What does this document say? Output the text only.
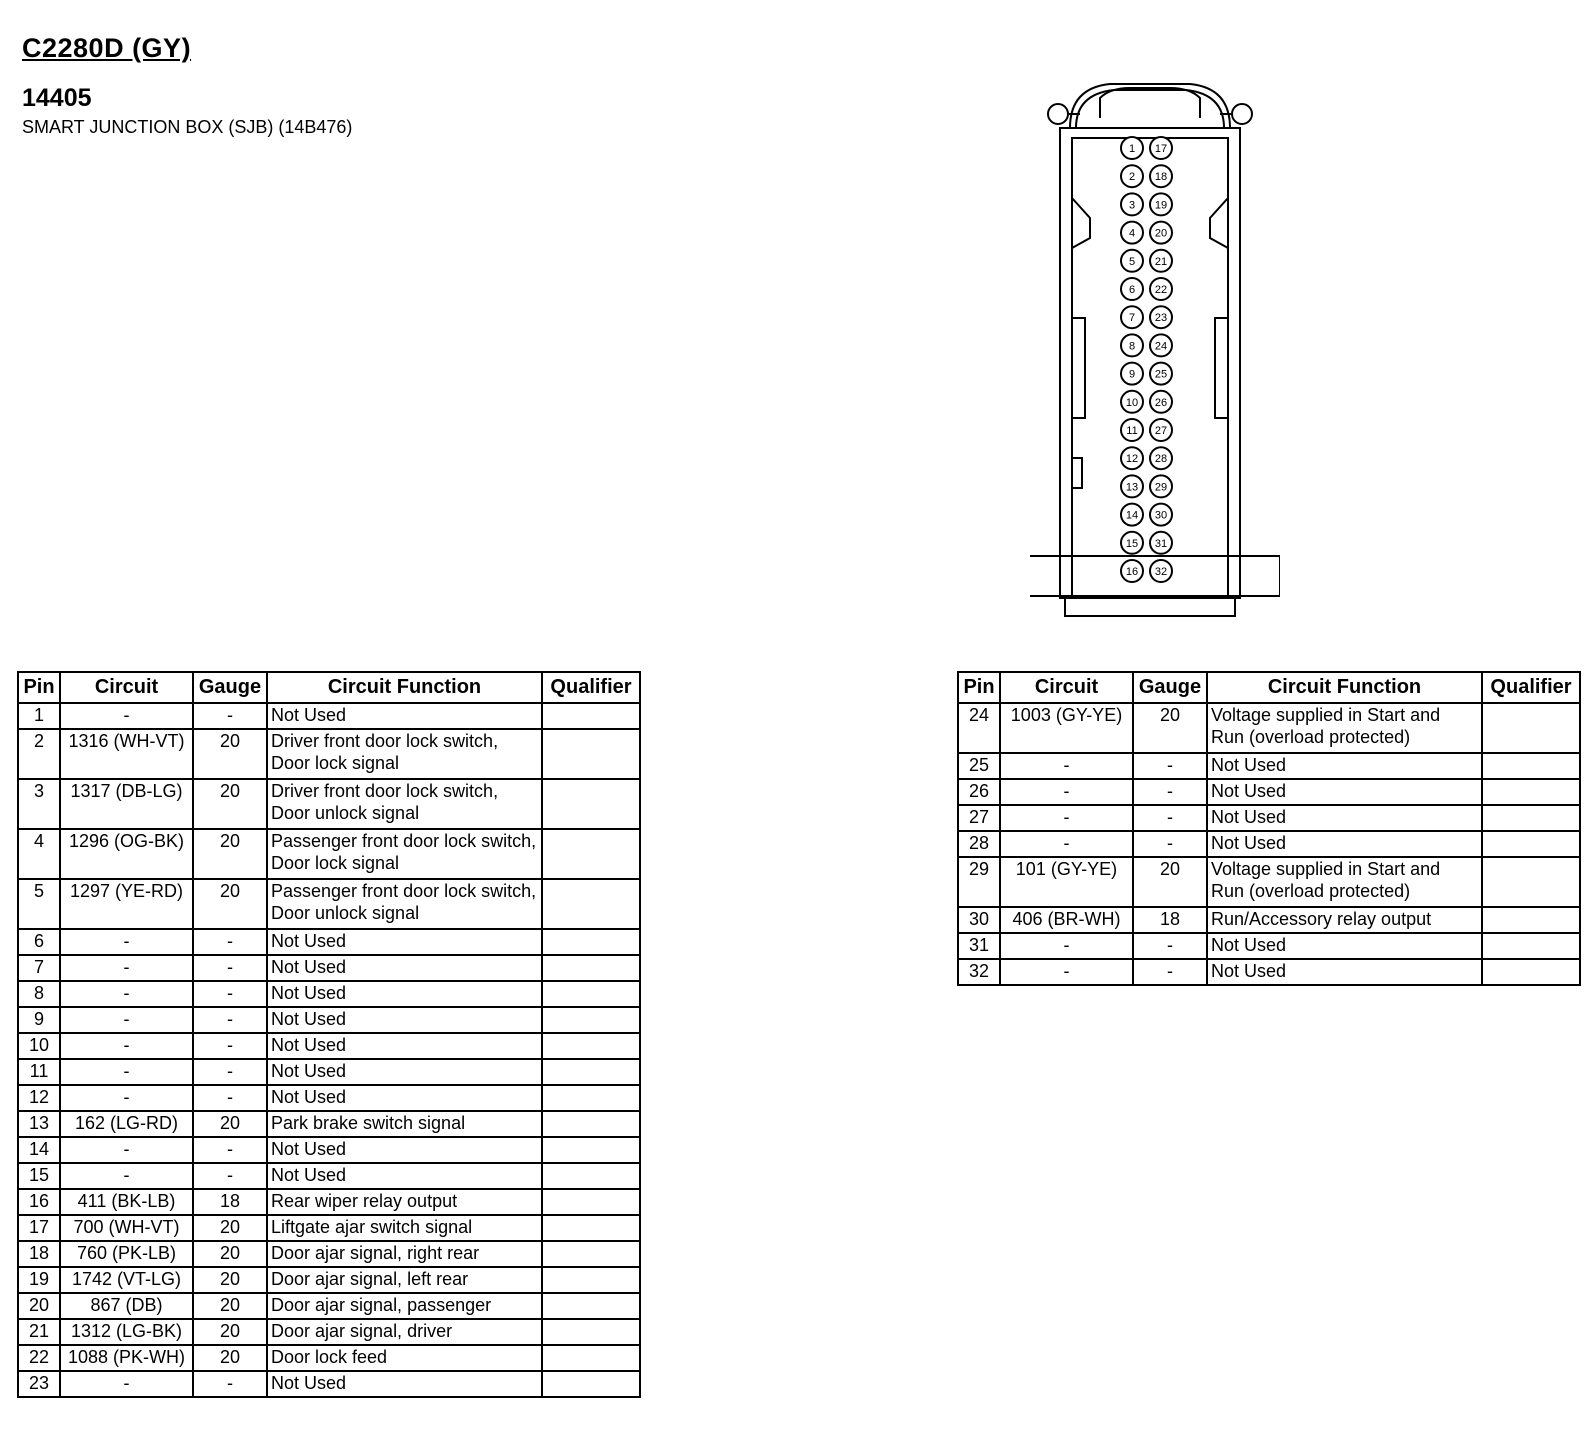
C2280D (GY)
14405
SMART JUNCTION BOX (SJB) (14B476)
1
2
3
4
5
6
7
8
9
10
11
12
13
14
15
16
17
18
19
20
21
22
23
24
25
26
27
28
29
30
31
32
Pin	Circuit	Gauge	Circuit Function	Qualifier
1	-	-	Not Used	
2	1316 (WH-VT)	20	Driver front door lock switch, Door lock signal	
3	1317 (DB-LG)	20	Driver front door lock switch, Door unlock signal	
4	1296 (OG-BK)	20	Passenger front door lock switch, Door lock signal	
5	1297 (YE-RD)	20	Passenger front door lock switch, Door unlock signal	
6	-	-	Not Used	
7	-	-	Not Used	
8	-	-	Not Used	
9	-	-	Not Used	
10	-	-	Not Used	
11	-	-	Not Used	
12	-	-	Not Used	
13	162 (LG-RD)	20	Park brake switch signal	
14	-	-	Not Used	
15	-	-	Not Used	
16	411 (BK-LB)	18	Rear wiper relay output	
17	700 (WH-VT)	20	Liftgate ajar switch signal	
18	760 (PK-LB)	20	Door ajar signal, right rear	
19	1742 (VT-LG)	20	Door ajar signal, left rear	
20	867 (DB)	20	Door ajar signal, passenger	
21	1312 (LG-BK)	20	Door ajar signal, driver	
22	1088 (PK-WH)	20	Door lock feed	
23	-	-	Not Used	
Pin	Circuit	Gauge	Circuit Function	Qualifier
24	1003 (GY-YE)	20	Voltage supplied in Start and Run (overload protected)	
25	-	-	Not Used	
26	-	-	Not Used	
27	-	-	Not Used	
28	-	-	Not Used	
29	101 (GY-YE)	20	Voltage supplied in Start and Run (overload protected)	
30	406 (BR-WH)	18	Run/Accessory relay output	
31	-	-	Not Used	
32	-	-	Not Used	
